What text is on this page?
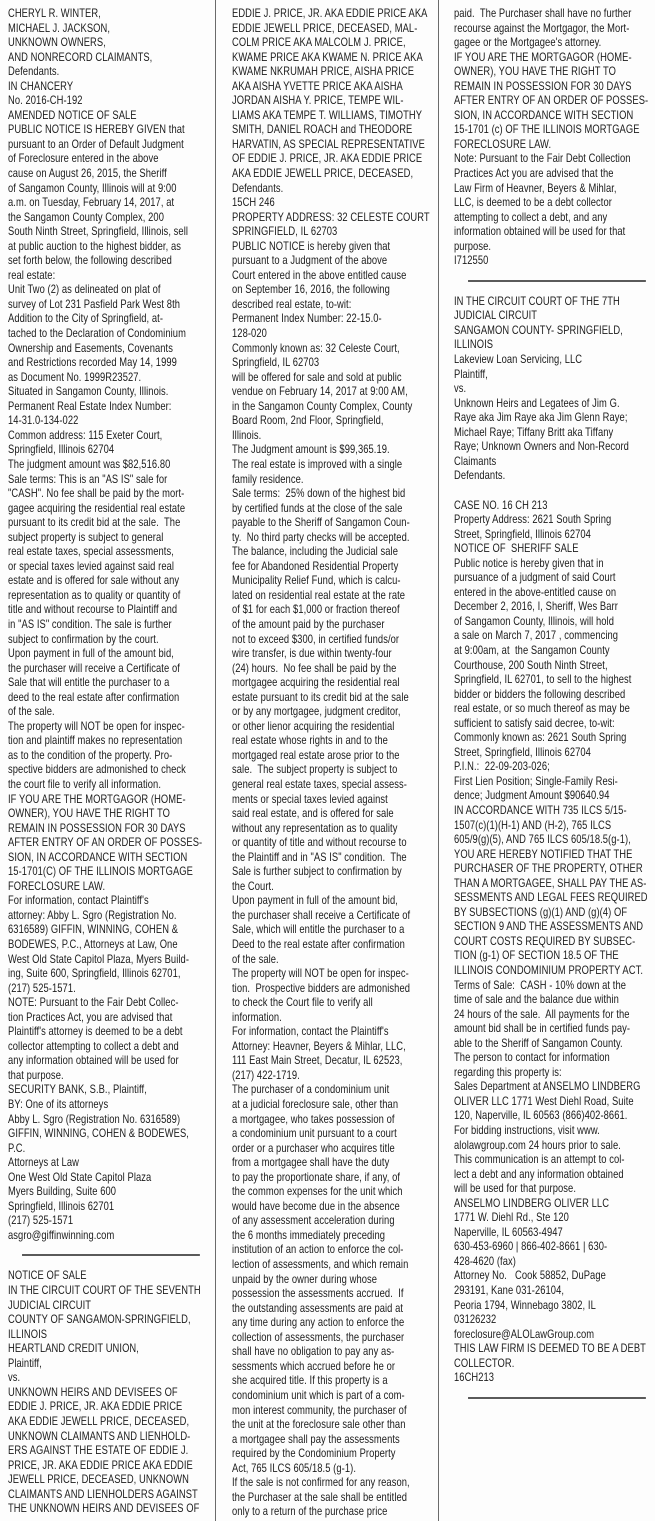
CHERYL R. WINTER,
MICHAEL J. JACKSON,
UNKNOWN OWNERS,
AND NONRECORD CLAIMANTS,
Defendants.
IN CHANCERY
No. 2016-CH-192
AMENDED NOTICE OF SALE
PUBLIC NOTICE IS HEREBY GIVEN that
pursuant to an Order of Default Judgment
of Foreclosure entered in the above
cause on August 26, 2015, the Sheriff
of Sangamon County, Illinois will at 9:00
a.m. on Tuesday, February 14, 2017, at
the Sangamon County Complex, 200
South Ninth Street, Springfield, Illinois, sell
at public auction to the highest bidder, as
set forth below, the following described
real estate:
Unit Two (2) as delineated on plat of
survey of Lot 231 Pasfield Park West 8th
Addition to the City of Springfield, at-
tached to the Declaration of Condominium
Ownership and Easements, Covenants
and Restrictions recorded May 14, 1999
as Document No. 1999R23527.
Situated in Sangamon County, Illinois.
Permanent Real Estate Index Number:
14-31.0-134-022
Common address: 115 Exeter Court,
Springfield, Illinois 62704
The judgment amount was $82,516.80
Sale terms: This is an "AS IS" sale for
"CASH". No fee shall be paid by the mort-
gagee acquiring the residential real estate
pursuant to its credit bid at the sale.  The
subject property is subject to general
real estate taxes, special assessments,
or special taxes levied against said real
estate and is offered for sale without any
representation as to quality or quantity of
title and without recourse to Plaintiff and
in "AS IS" condition. The sale is further
subject to confirmation by the court.
Upon payment in full of the amount bid,
the purchaser will receive a Certificate of
Sale that will entitle the purchaser to a
deed to the real estate after confirmation
of the sale.
The property will NOT be open for inspec-
tion and plaintiff makes no representation
as to the condition of the property. Pro-
spective bidders are admonished to check
the court file to verify all information.
IF YOU ARE THE MORTGAGOR (HOME-
OWNER), YOU HAVE THE RIGHT TO
REMAIN IN POSSESSION FOR 30 DAYS
AFTER ENTRY OF AN ORDER OF POSSES-
SION, IN ACCORDANCE WITH SECTION
15-1701(C) OF THE ILLINOIS MORTGAGE
FORECLOSURE LAW.
For information, contact Plaintiff's
attorney: Abby L. Sgro (Registration No.
6316589) GIFFIN, WINNING, COHEN &
BODEWES, P.C., Attorneys at Law, One
West Old State Capitol Plaza, Myers Build-
ing, Suite 600, Springfield, Illinois 62701,
(217) 525-1571.
NOTE: Pursuant to the Fair Debt Collec-
tion Practices Act, you are advised that
Plaintiff's attorney is deemed to be a debt
collector attempting to collect a debt and
any information obtained will be used for
that purpose.
SECURITY BANK, S.B., Plaintiff,
BY: One of its attorneys
Abby L. Sgro (Registration No. 6316589)
GIFFIN, WINNING, COHEN & BODEWES,
P.C.
Attorneys at Law
One West Old State Capitol Plaza
Myers Building, Suite 600
Springfield, Illinois 62701
(217) 525-1571
asgro@giffinwinning.com
NOTICE OF SALE
IN THE CIRCUIT COURT OF THE SEVENTH
JUDICIAL CIRCUIT
COUNTY OF SANGAMON-SPRINGFIELD,
ILLINOIS
HEARTLAND CREDIT UNION,
Plaintiff,
vs.
UNKNOWN HEIRS AND DEVISEES OF
EDDIE J. PRICE, JR. AKA EDDIE PRICE
AKA EDDIE JEWELL PRICE, DECEASED,
UNKNOWN CLAIMANTS AND LIENHOLD-
ERS AGAINST THE ESTATE OF EDDIE J.
PRICE, JR. AKA EDDIE PRICE AKA EDDIE
JEWELL PRICE, DECEASED, UNKNOWN
CLAIMANTS AND LIENHOLDERS AGAINST
THE UNKNOWN HEIRS AND DEVISEES OF
EDDIE J. PRICE, JR. AKA EDDIE PRICE AKA
EDDIE JEWELL PRICE, DECEASED, MAL-
COLM PRICE AKA MALCOLM J. PRICE,
KWAME PRICE AKA KWAME N. PRICE AKA
KWAME NKRUMAH PRICE, AISHA PRICE
AKA AISHA YVETTE PRICE AKA AISHA
JORDAN AISHA Y. PRICE, TEMPE WIL-
LIAMS AKA TEMPE T. WILLIAMS, TIMOTHY
SMITH, DANIEL ROACH and THEODORE
HARVATIN, AS SPECIAL REPRESENTATIVE
OF EDDIE J. PRICE, JR. AKA EDDIE PRICE
AKA EDDIE JEWELL PRICE, DECEASED,
Defendants.
15CH 246
PROPERTY ADDRESS: 32 CELESTE COURT
SPRINGFIELD, IL 62703
PUBLIC NOTICE is hereby given that
pursuant to a Judgment of the above
Court entered in the above entitled cause
on September 16, 2016, the following
described real estate, to-wit:
Permanent Index Number: 22-15.0-
128-020
Commonly known as: 32 Celeste Court,
Springfield, IL 62703
will be offered for sale and sold at public
vendue on February 14, 2017 at 9:00 AM,
in the Sangamon County Complex, County
Board Room, 2nd Floor, Springfield,
Illinois.
The Judgment amount is $99,365.19.
The real estate is improved with a single
family residence.
Sale terms:  25% down of the highest bid
by certified funds at the close of the sale
payable to the Sheriff of Sangamon Coun-
ty.  No third party checks will be accepted.
The balance, including the Judicial sale
fee for Abandoned Residential Property
Municipality Relief Fund, which is calcu-
lated on residential real estate at the rate
of $1 for each $1,000 or fraction thereof
of the amount paid by the purchaser
not to exceed $300, in certified funds/or
wire transfer, is due within twenty-four
(24) hours.  No fee shall be paid by the
mortgagee acquiring the residential real
estate pursuant to its credit bid at the sale
or by any mortgagee, judgment creditor,
or other lienor acquiring the residential
real estate whose rights in and to the
mortgaged real estate arose prior to the
sale.  The subject property is subject to
general real estate taxes, special assess-
ments or special taxes levied against
said real estate, and is offered for sale
without any representation as to quality
or quantity of title and without recourse to
the Plaintiff and in "AS IS" condition.  The
Sale is further subject to confirmation by
the Court.
Upon payment in full of the amount bid,
the purchaser shall receive a Certificate of
Sale, which will entitle the purchaser to a
Deed to the real estate after confirmation
of the sale.
The property will NOT be open for inspec-
tion.  Prospective bidders are admonished
to check the Court file to verify all
information.
For information, contact the Plaintiff's
Attorney: Heavner, Beyers & Mihlar, LLC,
111 East Main Street, Decatur, IL 62523,
(217) 422-1719.
The purchaser of a condominium unit
at a judicial foreclosure sale, other than
a mortgagee, who takes possession of
a condominium unit pursuant to a court
order or a purchaser who acquires title
from a mortgagee shall have the duty
to pay the proportionate share, if any, of
the common expenses for the unit which
would have become due in the absence
of any assessment acceleration during
the 6 months immediately preceding
institution of an action to enforce the col-
lection of assessments, and which remain
unpaid by the owner during whose
possession the assessments accrued.  If
the outstanding assessments are paid at
any time during any action to enforce the
collection of assessments, the purchaser
shall have no obligation to pay any as-
sessments which accrued before he or
she acquired title. If this property is a
condominium unit which is part of a com-
mon interest community, the purchaser of
the unit at the foreclosure sale other than
a mortgagee shall pay the assessments
required by the Condominium Property
Act, 765 ILCS 605/18.5 (g-1).
If the sale is not confirmed for any reason,
the Purchaser at the sale shall be entitled
only to a return of the purchase price
paid.  The Purchaser shall have no further
recourse against the Mortgagor, the Mort-
gagee or the Mortgagee's attorney.
IF YOU ARE THE MORTGAGOR (HOME-
OWNER), YOU HAVE THE RIGHT TO
REMAIN IN POSSESSION FOR 30 DAYS
AFTER ENTRY OF AN ORDER OF POSSES-
SION, IN ACCORDANCE WITH SECTION
15-1701 (c) OF THE ILLINOIS MORTGAGE
FORECLOSURE LAW.
Note: Pursuant to the Fair Debt Collection
Practices Act you are advised that the
Law Firm of Heavner, Beyers & Mihlar,
LLC, is deemed to be a debt collector
attempting to collect a debt, and any
information obtained will be used for that
purpose.
I712550
IN THE CIRCUIT COURT OF THE 7TH
JUDICIAL CIRCUIT
SANGAMON COUNTY- SPRINGFIELD,
ILLINOIS
Lakeview Loan Servicing, LLC
Plaintiff,
vs.
Unknown Heirs and Legatees of Jim G.
Raye aka Jim Raye aka Jim Glenn Raye;
Michael Raye; Tiffany Britt aka Tiffany
Raye; Unknown Owners and Non-Record
Claimants
Defendants.
CASE NO. 16 CH 213
Property Address: 2621 South Spring
Street, Springfield, Illinois 62704
NOTICE OF  SHERIFF SALE
Public notice is hereby given that in
pursuance of a judgment of said Court
entered in the above-entitled cause on
December 2, 2016, I, Sheriff, Wes Barr
of Sangamon County, Illinois, will hold
a sale on March 7, 2017 , commencing
at 9:00am, at  the Sangamon County
Courthouse, 200 South Ninth Street,
Springfield, IL 62701, to sell to the highest
bidder or bidders the following described
real estate, or so much thereof as may be
sufficient to satisfy said decree, to-wit:
Commonly known as: 2621 South Spring
Street, Springfield, Illinois 62704
P.I.N.:  22-09-203-026;
First Lien Position; Single-Family Resi-
dence; Judgment Amount $90640.94
IN ACCORDANCE WITH 735 ILCS 5/15-
1507(c)(1)(H-1) AND (H-2), 765 ILCS
605/9(g)(5), AND 765 ILCS 605/18.5(g-1),
YOU ARE HEREBY NOTIFIED THAT THE
PURCHASER OF THE PROPERTY, OTHER
THAN A MORTGAGEE, SHALL PAY THE AS-
SESSMENTS AND LEGAL FEES REQUIRED
BY SUBSECTIONS (g)(1) AND (g)(4) OF
SECTION 9 AND THE ASSESSMENTS AND
COURT COSTS REQUIRED BY SUBSEC-
TION (g-1) OF SECTION 18.5 OF THE
ILLINOIS CONDOMINIUM PROPERTY ACT.
Terms of Sale:  CASH - 10% down at the
time of sale and the balance due within
24 hours of the sale.  All payments for the
amount bid shall be in certified funds pay-
able to the Sheriff of Sangamon County.
The person to contact for information
regarding this property is:
Sales Department at ANSELMO LINDBERG
OLIVER LLC 1771 West Diehl Road, Suite
120, Naperville, IL 60563 (866)402-8661.
For bidding instructions, visit www.
alolawgroup.com 24 hours prior to sale.
This communication is an attempt to col-
lect a debt and any information obtained
will be used for that purpose.
ANSELMO LINDBERG OLIVER LLC
1771 W. Diehl Rd., Ste 120
Naperville, IL 60563-4947
630-453-6960 | 866-402-8661 | 630-
428-4620 (fax)
Attorney No.   Cook 58852, DuPage
293191, Kane 031-26104,
Peoria 1794, Winnebago 3802, IL
03126232
foreclosure@ALOLawGroup.com
THIS LAW FIRM IS DEEMED TO BE A DEBT
COLLECTOR.
16CH213
